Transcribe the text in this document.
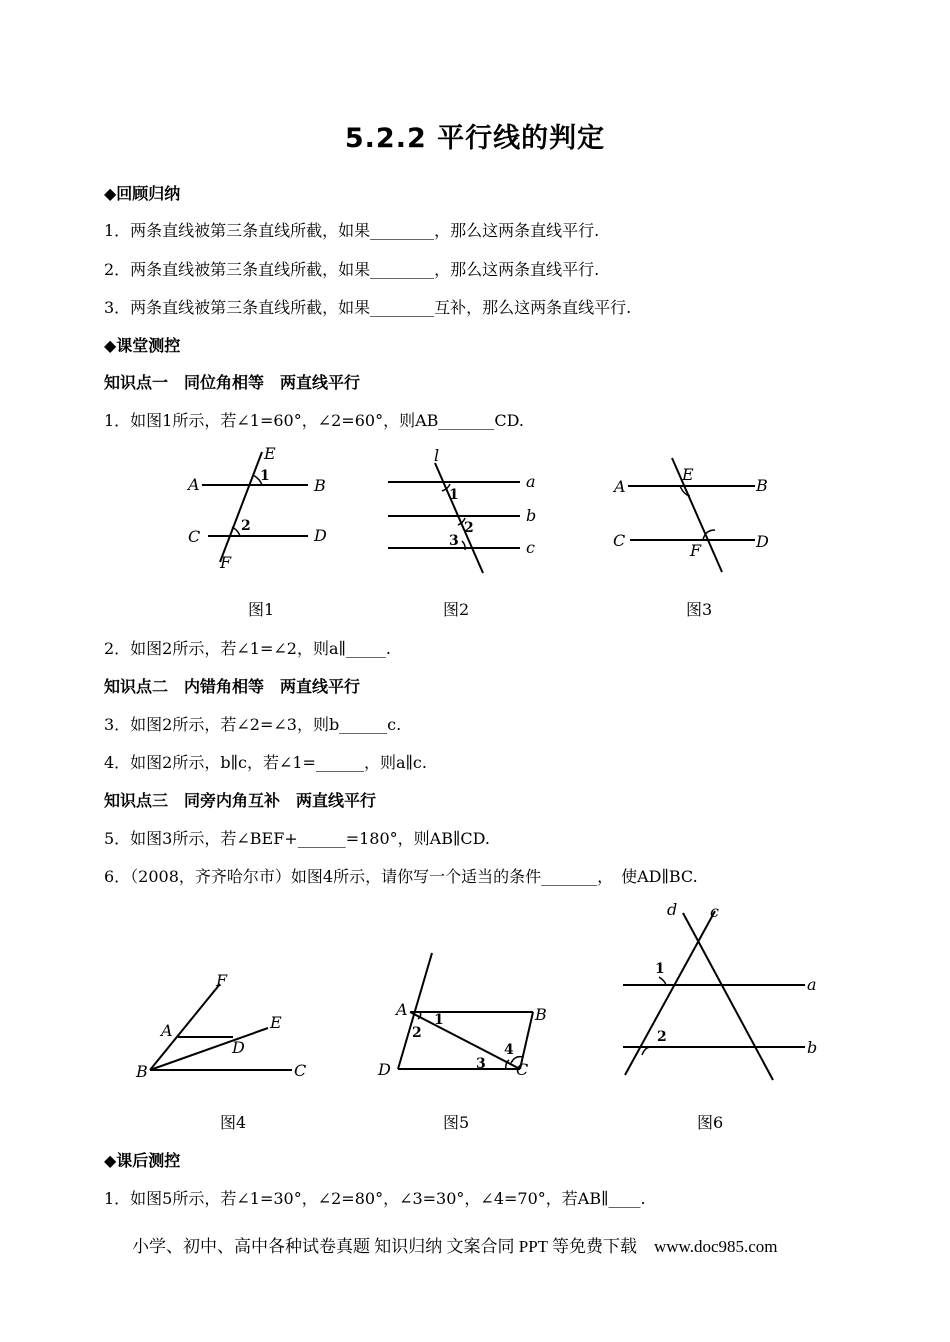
5.2.2 平行线的判定
◆回顾归纳
1．两条直线被第三条直线所截，如果________，那么这两条直线平行.
2．两条直线被第三条直线所截，如果________，那么这两条直线平行.
3．两条直线被第三条直线所截，如果________互补，那么这两条直线平行.
◆课堂测控
知识点一　同位角相等　两直线平行
1．如图1所示，若∠1=60°，∠2=60°，则AB_______CD.
A	B
C	D
E
F
1
2
图1
l
a
b
c
1
2
3
图2
A	B
C	D
E
F
图3
2．如图2所示，若∠1=∠2，则a∥_____.
知识点二　内错角相等　两直线平行
3．如图2所示，若∠2=∠3，则b______c.
4．如图2所示，b∥c，若∠1=______，则a∥c.
知识点三　同旁内角互补　两直线平行
5．如图3所示，若∠BEF+______=180°，则AB∥CD.
6．（2008，齐齐哈尔市）如图4所示，请你写一个适当的条件_______，　使AD∥BC.
F
A	E
D
B	C
图4
A	B
C
D
1
2
3
4
图5
d c
a
b
1
2
图6
◆课后测控
1．如图5所示，若∠1=30°，∠2=80°，∠3=30°，∠4=70°，若AB∥____.
小学、初中、高中各种试卷真题 知识归纳 文案合同 PPT 等免费下载　www.doc985.com
